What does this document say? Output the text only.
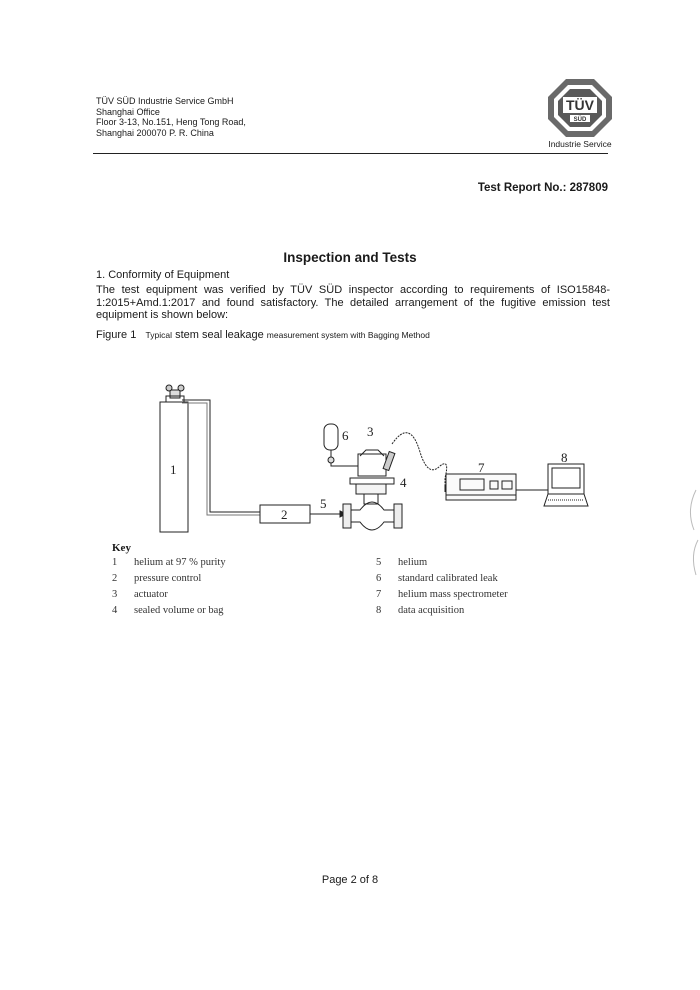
TÜV SÜD Industrie Service GmbH
Shanghai Office
Floor 3-13, No.151, Heng Tong Road,
Shanghai 200070 P. R. China
TÜV
SÜD
Industrie Service
Test Report No.: 287809
Inspection and Tests
1. Conformity of Equipment
The test equipment was verified by TÜV SÜD inspector according to requirements of ISO15848-1:2015+Amd.1:2017 and found satisfactory. The detailed arrangement of the fugitive emission test equipment is shown below:
Figure 1 Typical stem seal leakage measurement system with Bagging Method
1
2
3
4
5
6
7
8
Key
1 helium at 97 % purity
2 pressure control
3 actuator
4 sealed volume or bag
5 helium
6 standard calibrated leak
7 helium mass spectrometer
8 data acquisition
Page 2 of 8
